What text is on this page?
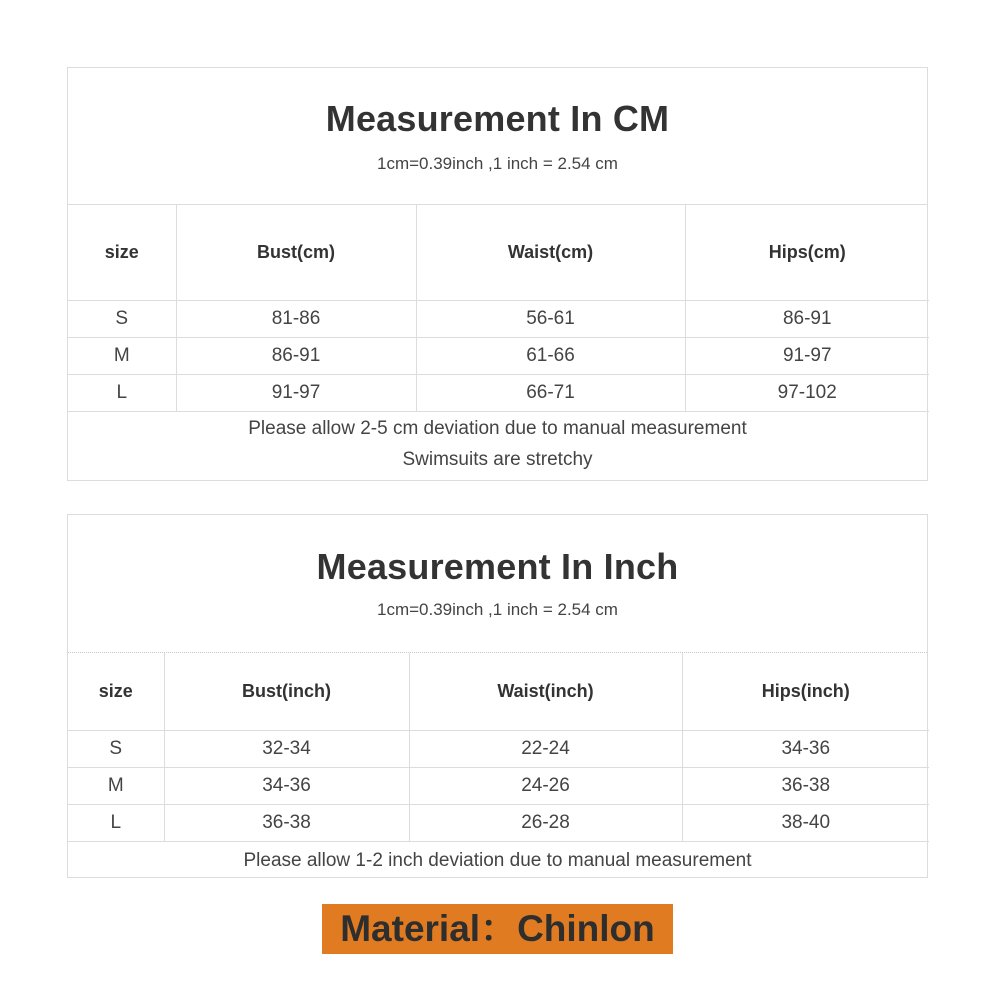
Measurement In CM
1cm=0.39inch ,1 inch = 2.54 cm
size	Bust(cm)	Waist(cm)	Hips(cm)
S	81-86	56-61	86-91
M	86-91	61-66	91-97
L	91-97	66-71	97-102
Please allow 2-5 cm deviation due to manual measurement
Swimsuits are stretchy
Measurement In Inch
1cm=0.39inch ,1 inch = 2.54 cm
size	Bust(inch)	Waist(inch)	Hips(inch)
S	32-34	22-24	34-36
M	34-36	24-26	36-38
L	36-38	26-28	38-40
Please allow 1-2 inch deviation due to manual measurement
Material：Chinlon
